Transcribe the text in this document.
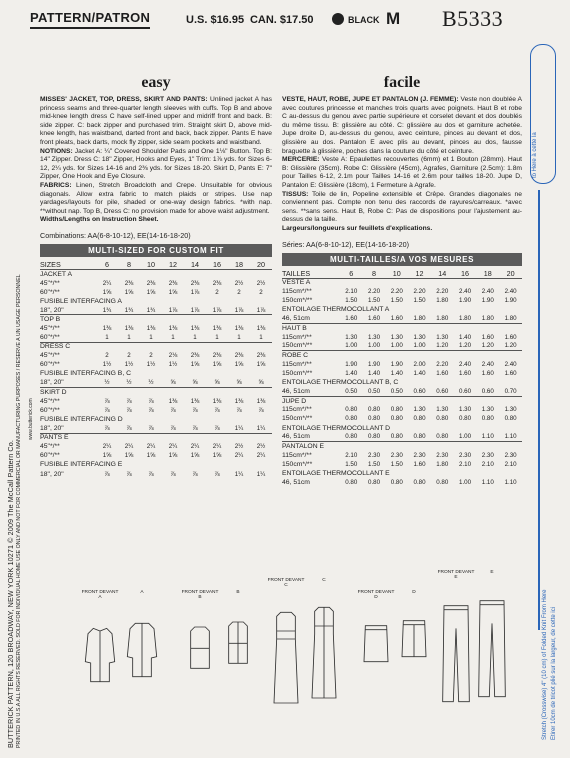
BUTTERICK PATTERN, 120 BROADWAY, NEW YORK 10271 © 2009 The McCall Pattern Co. PRINTED IN U.S.A ALL RIGHTS RESERVED. SOLD FOR INDIVIDUAL HOME USE ONLY AND NOT FOR COMMERCIAL OR MANUFACTURING PURPOSES / RESERVE A UN USAGE PERSONNEL www.butterick.com
PATTERN/PATRON	U.S. $16.95 CAN. $17.50	BLACK M B5333
easy

MISSES' JACKET, TOP, DRESS, SKIRT AND PANTS: Unlined jacket A has princess seams and three-quarter length sleeves with cuffs. Top B and above mid-knee length dress C have self-lined upper and midriff front and back. B: side zipper. C: back zipper and purchased trim. Straight skirt D, above mid-knee length, has waistband, darted front and back, back zipper. Pants E have front pleats, back darts, mock fly zipper, side seam pockets and waistband.

NOTIONS: Jacket A: ¼" Covered Shoulder Pads and One 1⅛" Button. Top B: 14" Zipper. Dress C: 18" Zipper, Hooks and Eyes, 1" Trim: 1⅞ yds. for Sizes 6-12, 2¼ yds. for Sizes 14-16 and 2⅜ yds. for Sizes 18-20. Skirt D, Pants E: 7" Zipper, One Hook and Eye Closure.

FABRICS: Linen, Stretch Broadcloth and Crepe. Unsuitable for obvious diagonals. Allow extra fabric to match plaids or stripes. Use nap yardages/layouts for pile, shaded or one-way design fabrics. *with nap. **without nap. Top B, Dress C: no provision made for above waist adjustment.

Widths/Lengths on Instruction Sheet.

Combinations: AA(6-8-10-12), EE(14-16-18-20)
MULTI-SIZED FOR CUSTOM FIT
SIZES	6	8	10	12	14	16	18	20
JACKET A								
45"*/**	2¼	2⅜	2⅜	2⅜	2⅜	2⅜	2½	2½
60"*/**	1⅝	1⅝	1⅝	1⅝	1⅞	2	2	2
FUSIBLE INTERFACING A								
18", 20"	1¾	1¾	1¾	1⅞	1⅞	1⅞	1⅞	1⅞
TOP B								
45"*/**	1⅜	1⅜	1⅜	1⅜	1⅜	1⅜	1⅜	1⅜
60"*/**	1	1	1	1	1	1	1	1
DRESS C								
45"*/**	2	2	2	2⅛	2⅜	2⅜	2⅜	2⅜
60"*/**	1½	1½	1½	1½	1⅝	1⅝	1⅝	1⅝
FUSIBLE INTERFACING B, C								
18", 20"	½	½	½	⅝	⅝	⅝	⅝	⅝
SKIRT D								
45"*/**	⅞	⅞	⅞	1⅜	1⅜	1⅜	1⅜	1⅜
60"*/**	⅞	⅞	⅞	⅞	⅞	⅞	⅞	⅞
FUSIBLE INTERFACING D								
18", 20"	⅞	⅞	⅞	⅞	⅞	⅞	1¼	1¼
PANTS E								
45"*/**	2¼	2¼	2¼	2¼	2¼	2¼	2½	2½
60"*/**	1⅝	1⅝	1⅝	1⅝	1⅝	1⅝	2¼	2¼
FUSIBLE INTERFACING E								
18", 20"	⅞	⅞	⅞	⅞	⅞	⅞	1¼	1¼
facile

VESTE, HAUT, ROBE, JUPE ET PANTALON (J. FEMME): Veste non doublée A avec coutures princesse et manches trois quarts avec poignets. Haut B et robe C au-dessus du genou avec partie supérieure et corselet devant et dos doublés du même tissu. B: glissière au côté. C: glissière au dos et garniture achetée. Jupe droite D, au-dessus du genou, avec ceinture, pinces au devant et dos, glissière au dos. Pantalon E avec plis au devant, pinces au dos, fausse braguette à glissière, poches dans la couture du côté et ceinture.

MERCERIE: Veste A: Epaulettes recouvertes (6mm) et 1 Bouton (28mm). Haut B: Glissière (35cm). Robe C: Glissière (45cm), Agrafes, Garniture (2.5cm): 1.8m pour Tailles 6-12, 2.1m pour Tailles 14-16 et 2.6m pour tailles 18-20. Jupe D, Pantalon E: Glissière (18cm), 1 Fermeture à Agrafe.

TISSUS: Toile de lin, Popeline extensible et Crêpe. Grandes diagonales ne conviennent pas. Compte non tenu des raccords de rayures/carreaux. *avec sens. **sans sens. Haut B, Robe C: Pas de dispositions pour l'ajustement au-dessus de la taille.

Largeurs/longueurs sur feuillets d'explications.

Séries: AA(6-8-10-12), EE(14-16-18-20)
MULTI-TAILLES/A VOS MESURES
TAILLES	6	8	10	12	14	16	18	20
VESTE A								
115cm*/**	2.10	2.20	2.20	2.20	2.20	2.40	2.40	2.40
150cm*/**	1.50	1.50	1.50	1.50	1.80	1.90	1.90	1.90
ENTOILAGE THERMOCOLLANT A								
46, 51cm	1.60	1.60	1.60	1.80	1.80	1.80	1.80	1.80
HAUT B								
115cm*/**	1.30	1.30	1.30	1.30	1.30	1.40	1.60	1.60
150cm*/**	1.00	1.00	1.00	1.00	1.20	1.20	1.20	1.20
ROBE C								
115cm*/**	1.90	1.90	1.90	2.00	2.20	2.40	2.40	2.40
150cm*/**	1.40	1.40	1.40	1.40	1.60	1.60	1.60	1.60
ENTOILAGE THERMOCOLLANT B, C								
46, 51cm	0.50	0.50	0.50	0.60	0.60	0.60	0.60	0.70
JUPE D								
115cm*/**	0.80	0.80	0.80	1.30	1.30	1.30	1.30	1.30
150cm*/**	0.80	0.80	0.80	0.80	0.80	0.80	0.80	0.80
ENTOILAGE THERMOCOLLANT D								
46, 51cm	0.80	0.80	0.80	0.80	0.80	1.00	1.10	1.10
PANTALON E								
115cm*/**	2.10	2.30	2.30	2.30	2.30	2.30	2.30	2.30
150cm*/**	1.50	1.50	1.50	1.60	1.80	2.10	2.10	2.10
ENTOILAGE THERMOCOLLANT E								
46, 51cm	0.80	0.80	0.80	0.80	0.80	1.00	1.10	1.10
FRONT DEVANT A
A	FRONT DEVANT B
B
FRONT DEVANT C
C
FRONT DEVANT D
D
FRONT DEVANT E
E
to Here à cette la
Stretch (Crosswise) 4" (10 cm) of Folded Knit From Here Etirer 10cm de tricot plié sur la largeur, de cette ici
